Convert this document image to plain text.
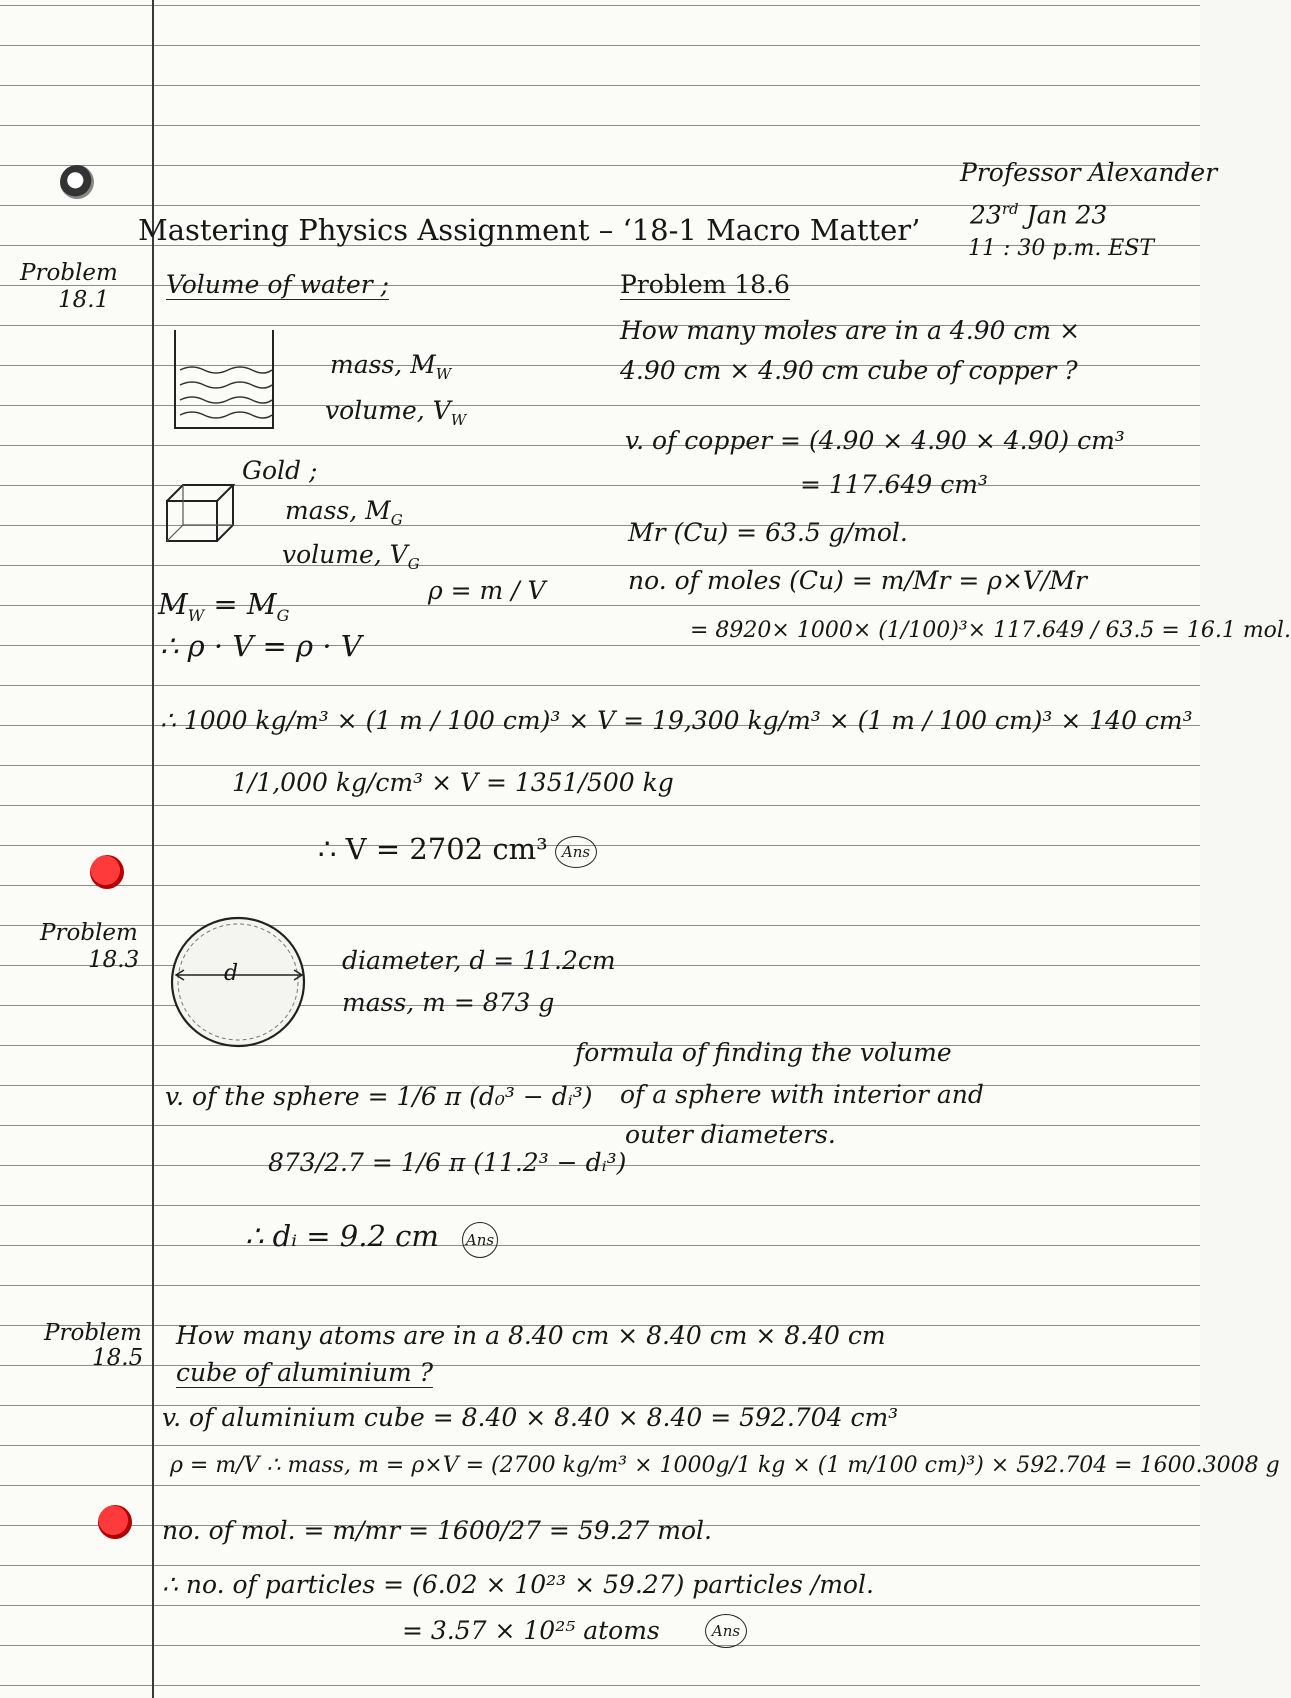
Professor Alexander
23rd Jan 23
11 : 30 p.m. EST
Mastering Physics Assignment – ‘18-1 Macro Matter’
Problem
18.1
Volume of water ;
mass, $M_W$
volume, $V_W$
Gold ;
mass, $M_G$
volume, $V_G$
ρ = m / V
$M_W = M_G$
∴ ρ · V = ρ · V
∴ 1000 kg/m³ × (1 m / 100 cm)³ × V = 19,300 kg/m³ × (1 m / 100 cm)³ × 140 cm³
1/1,000 kg/cm³ × V = 1351/500 kg
∴ V = 2702 cm³ Ans
Problem 18.6
How many moles are in a 4.90 cm ×
4.90 cm × 4.90 cm cube of copper ?
v. of copper = (4.90 × 4.90 × 4.90) cm³
= 117.649 cm³
Mr (Cu) = 63.5 g/mol.
no. of moles (Cu) = m/Mr = ρ×V/Mr
= 8920× 1000× (1/100)³× 117.649 / 63.5 = 16.1 mol.
Problem
18.3
d	diameter, d = 11.2cm
mass, m = 873 g
formula of finding the volume
v. of the sphere = 1/6 π (d₀³ − dᵢ³) of a sphere with interior and
outer diameters.
873/2.7 = 1/6 π (11.2³ − dᵢ³)
∴ dᵢ = 9.2 cm Ans
Problem
18.5
How many atoms are in a 8.40 cm × 8.40 cm × 8.40 cm
cube of aluminium ?
v. of aluminium cube = 8.40 × 8.40 × 8.40 = 592.704 cm³
ρ = m/V ∴ mass, m = ρ×V = (2700 kg/m³ × 1000g/1 kg × (1 m/100 cm)³) × 592.704 = 1600.3008 g
no. of mol. = m/mr = 1600/27 = 59.27 mol.
∴ no. of particles = (6.02 × 10²³ × 59.27) particles /mol.
= 3.57 × 10²⁵ atoms	Ans
